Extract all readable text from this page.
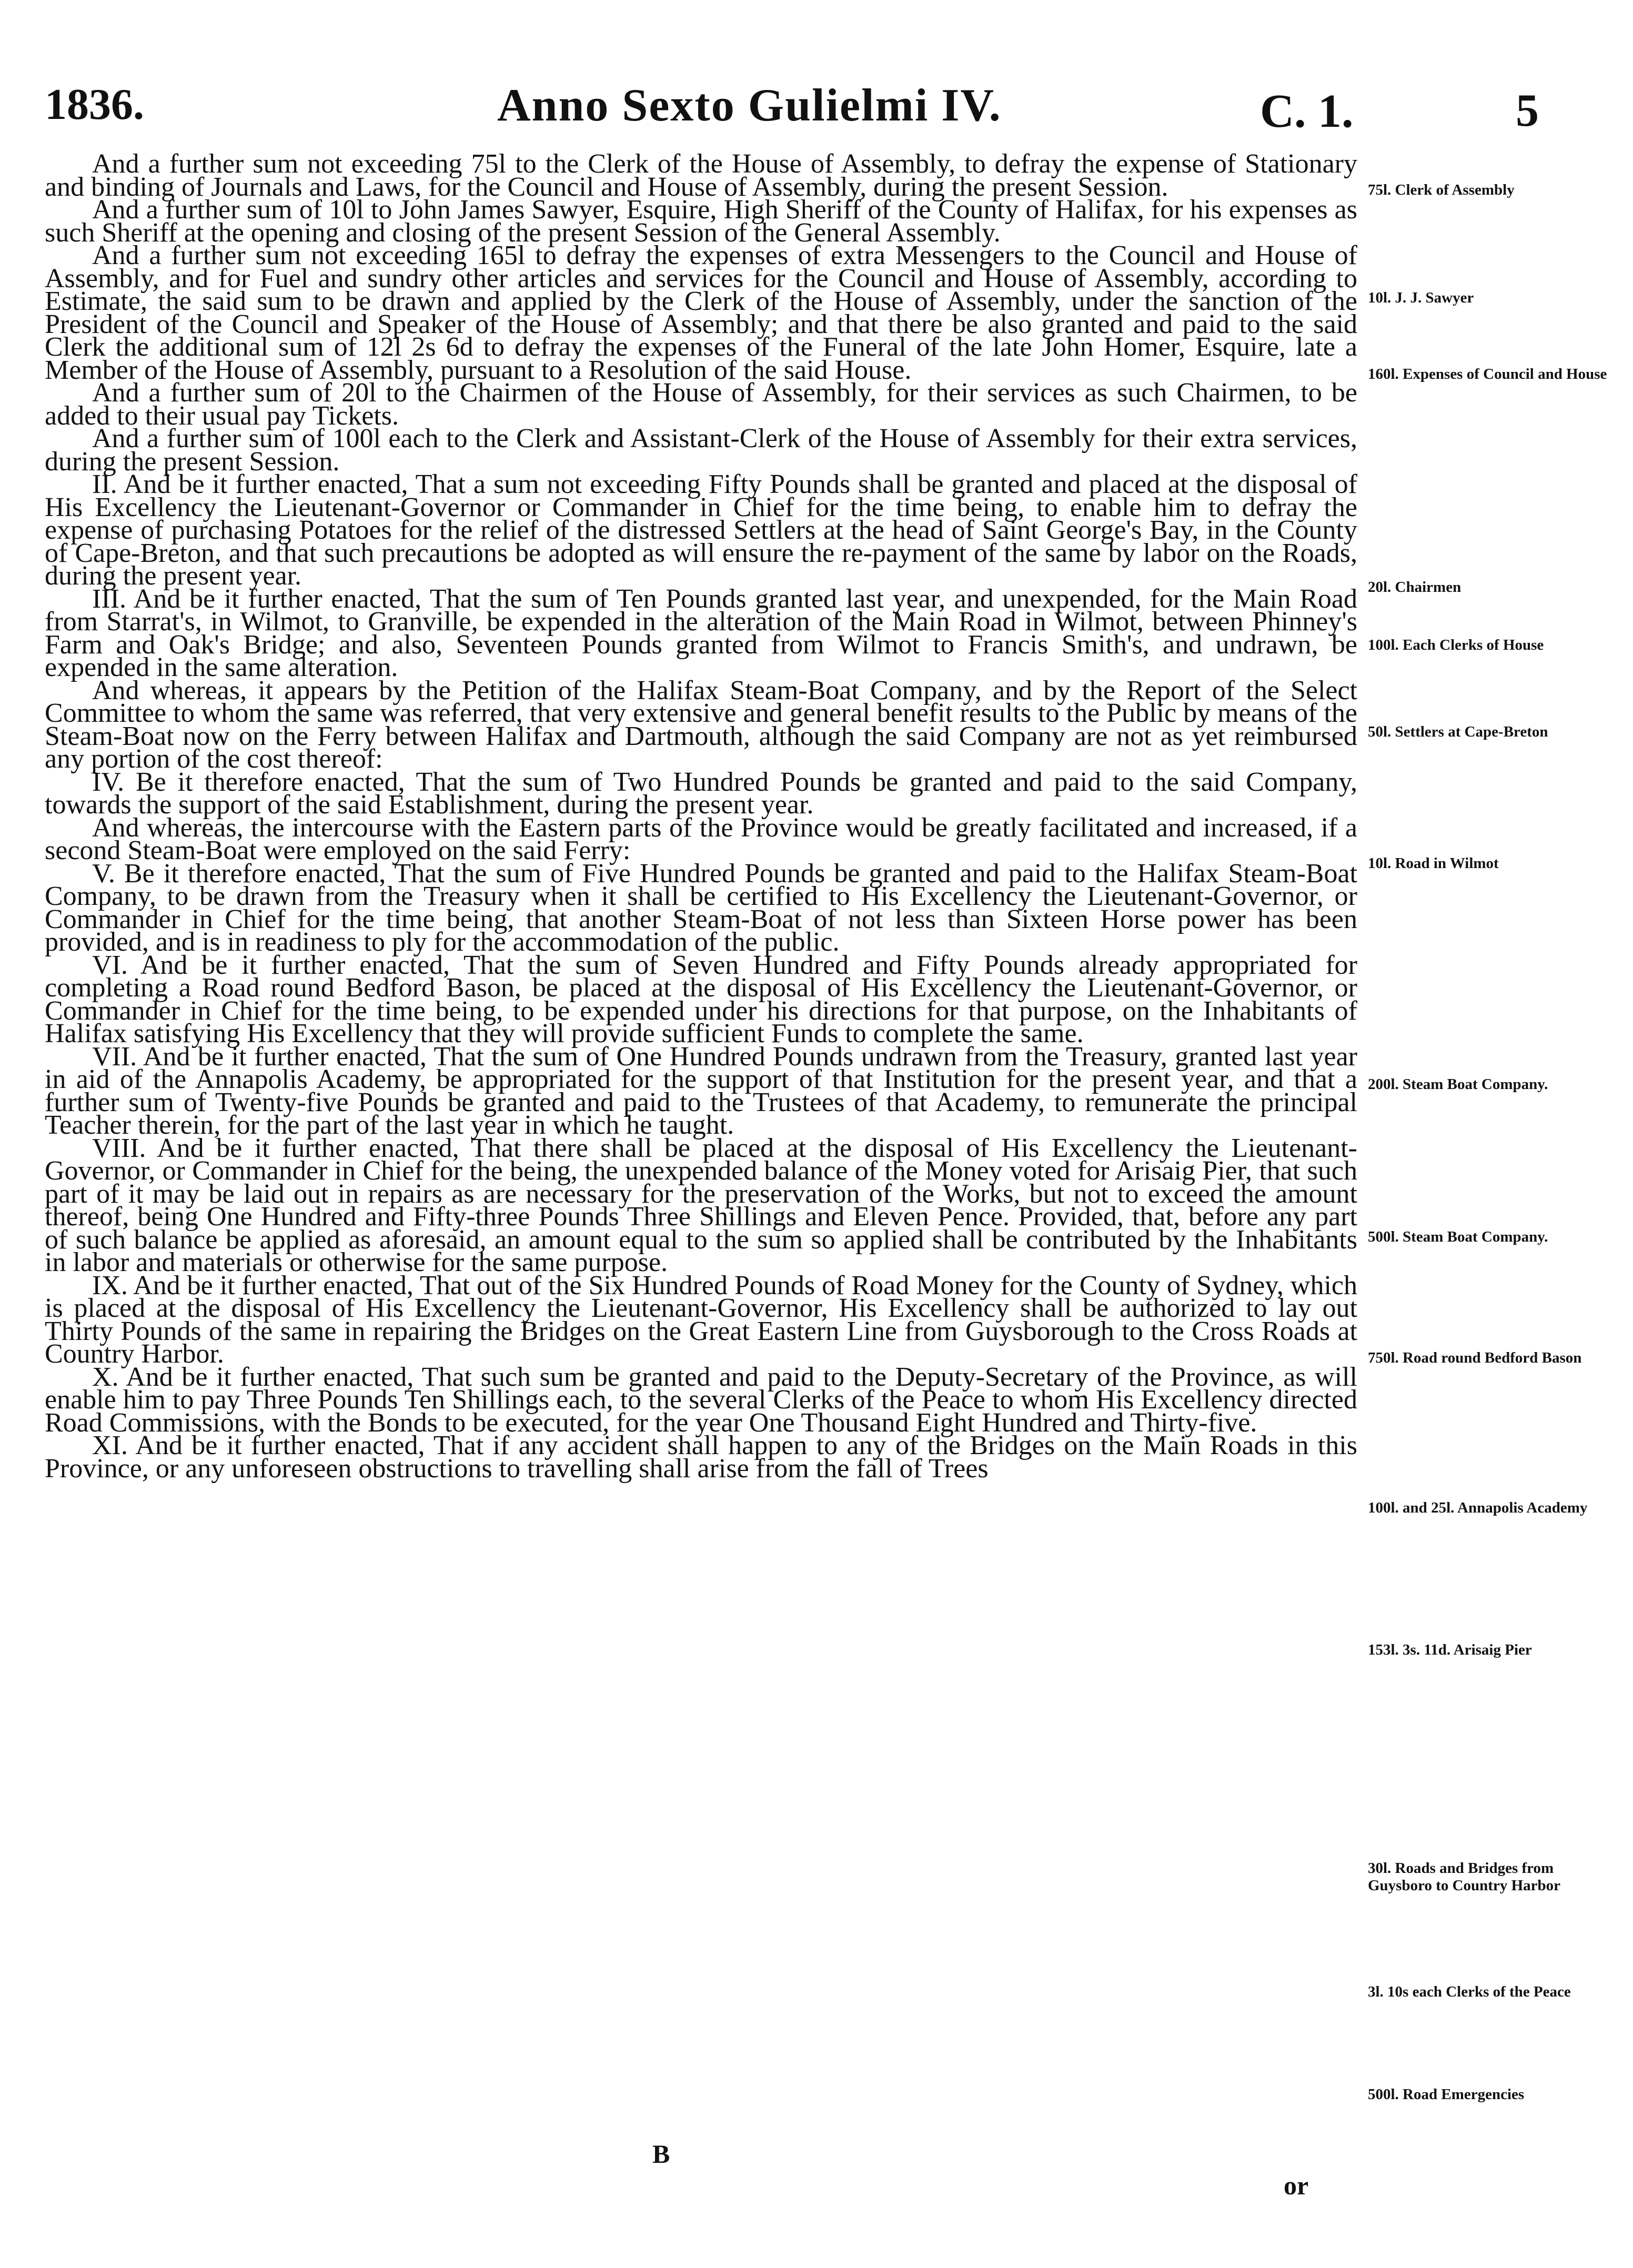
1836.	Anno Sexto Gulielmi IV.	C. 1.	5

And a further sum not exceeding 75l to the Clerk of the House of Assembly, to defray the expense of Stationary and binding of Journals and Laws, for the Council and House of Assembly, during the present Session.

And a further sum of 10l to John James Sawyer, Esquire, High Sheriff of the County of Halifax, for his expenses as such Sheriff at the opening and closing of the present Session of the General Assembly.

And a further sum not exceeding 165l to defray the expenses of extra Messengers to the Council and House of Assembly, and for Fuel and sundry other articles and services for the Council and House of Assembly, according to Estimate, the said sum to be drawn and applied by the Clerk of the House of Assembly, under the sanction of the President of the Council and Speaker of the House of Assembly; and that there be also granted and paid to the said Clerk the additional sum of 12l 2s 6d to defray the expenses of the Funeral of the late John Homer, Esquire, late a Member of the House of Assembly, pursuant to a Resolution of the said House.

And a further sum of 20l to the Chairmen of the House of Assembly, for their services as such Chairmen, to be added to their usual pay Tickets.

And a further sum of 100l each to the Clerk and Assistant-Clerk of the House of Assembly for their extra services, during the present Session.

II. And be it further enacted, That a sum not exceeding Fifty Pounds shall be granted and placed at the disposal of His Excellency the Lieutenant-Governor or Commander in Chief for the time being, to enable him to defray the expense of purchasing Potatoes for the relief of the distressed Settlers at the head of Saint George's Bay, in the County of Cape-Breton, and that such precautions be adopted as will ensure the re-payment of the same by labor on the Roads, during the present year.

III. And be it further enacted, That the sum of Ten Pounds granted last year, and unexpended, for the Main Road from Starrat's, in Wilmot, to Granville, be expended in the alteration of the Main Road in Wilmot, between Phinney's Farm and Oak's Bridge; and also, Seventeen Pounds granted from Wilmot to Francis Smith's, and undrawn, be expended in the same alteration.

And whereas, it appears by the Petition of the Halifax Steam-Boat Company, and by the Report of the Select Committee to whom the same was referred, that very extensive and general benefit results to the Public by means of the Steam-Boat now on the Ferry between Halifax and Dartmouth, although the said Company are not as yet reimbursed any portion of the cost thereof:

IV. Be it therefore enacted, That the sum of Two Hundred Pounds be granted and paid to the said Company, towards the support of the said Establishment, during the present year.

And whereas, the intercourse with the Eastern parts of the Province would be greatly facilitated and increased, if a second Steam-Boat were employed on the said Ferry:

V. Be it therefore enacted, That the sum of Five Hundred Pounds be granted and paid to the Halifax Steam-Boat Company, to be drawn from the Treasury when it shall be certified to His Excellency the Lieutenant-Governor, or Commander in Chief for the time being, that another Steam-Boat of not less than Sixteen Horse power has been provided, and is in readiness to ply for the accommodation of the public.

VI. And be it further enacted, That the sum of Seven Hundred and Fifty Pounds already appropriated for completing a Road round Bedford Bason, be placed at the disposal of His Excellency the Lieutenant-Governor, or Commander in Chief for the time being, to be expended under his directions for that purpose, on the Inhabitants of Halifax satisfying His Excellency that they will provide sufficient Funds to complete the same.

VII. And be it further enacted, That the sum of One Hundred Pounds undrawn from the Treasury, granted last year in aid of the Annapolis Academy, be appropriated for the support of that Institution for the present year, and that a further sum of Twenty-five Pounds be granted and paid to the Trustees of that Academy, to remunerate the principal Teacher therein, for the part of the last year in which he taught.

VIII. And be it further enacted, That there shall be placed at the disposal of His Excellency the Lieutenant-Governor, or Commander in Chief for the being, the unexpended balance of the Money voted for Arisaig Pier, that such part of it may be laid out in repairs as are necessary for the preservation of the Works, but not to exceed the amount thereof, being One Hundred and Fifty-three Pounds Three Shillings and Eleven Pence. Provided, that, before any part of such balance be applied as aforesaid, an amount equal to the sum so applied shall be contributed by the Inhabitants in labor and materials or otherwise for the same purpose.

IX. And be it further enacted, That out of the Six Hundred Pounds of Road Money for the County of Sydney, which is placed at the disposal of His Excellency the Lieutenant-Governor, His Excellency shall be authorized to lay out Thirty Pounds of the same in repairing the Bridges on the Great Eastern Line from Guysborough to the Cross Roads at Country Harbor.

X. And be it further enacted, That such sum be granted and paid to the Deputy-Secretary of the Province, as will enable him to pay Three Pounds Ten Shillings each, to the several Clerks of the Peace to whom His Excellency directed Road Commissions, with the Bonds to be executed, for the year One Thousand Eight Hundred and Thirty-five.

XI. And be it further enacted, That if any accident shall happen to any of the Bridges on the Main Roads in this Province, or any unforeseen obstructions to travelling shall arise from the fall of Trees

75l. Clerk of Assembly
10l. J. J. Sawyer
160l. Expenses of Council and House
20l. Chairmen
100l. Each Clerks of House
50l. Settlers at Cape-Breton
10l. Road in Wilmot
200l. Steam Boat Company.
500l. Steam Boat Company.
750l. Road round Bedford Bason
100l. and 25l. Annapolis Academy
153l. 3s. 11d. Arisaig Pier
30l. Roads and Bridges from Guysboro to Country Harbor
3l. 10s each Clerks of the Peace
500l. Road Emergencies
B
or
